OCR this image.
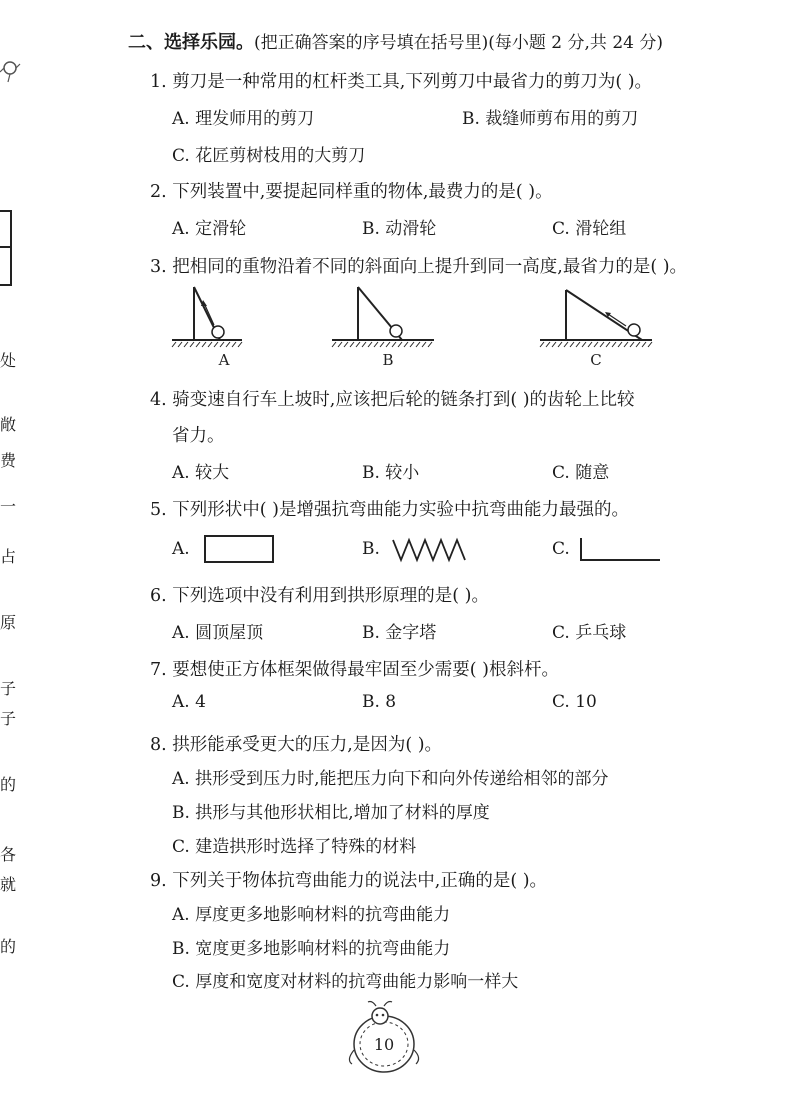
二、选择乐园。(把正确答案的序号填在括号里)(每小题 2 分,共 24 分)
1. 剪刀是一种常用的杠杆类工具,下列剪刀中最省力的剪刀为( )。
A. 理发师用的剪刀	B. 裁缝师剪布用的剪刀
C. 花匠剪树枝用的大剪刀
2. 下列装置中,要提起同样重的物体,最费力的是( )。
A. 定滑轮	B. 动滑轮	C. 滑轮组
3. 把相同的重物沿着不同的斜面向上提升到同一高度,最省力的是( )。
A	B	C
4. 骑变速自行车上坡时,应该把后轮的链条打到( )的齿轮上比较
省力。
A. 较大	B. 较小	C. 随意
5. 下列形状中( )是增强抗弯曲能力实验中抗弯曲能力最强的。
A.	B.	C.
6. 下列选项中没有利用到拱形原理的是( )。
A. 圆顶屋顶	B. 金字塔	C. 乒乓球
7. 要想使正方体框架做得最牢固至少需要( )根斜杆。
A. 4	B. 8	C. 10
8. 拱形能承受更大的压力,是因为( )。
A. 拱形受到压力时,能把压力向下和向外传递给相邻的部分
B. 拱形与其他形状相比,增加了材料的厚度
C. 建造拱形时选择了特殊的材料
9. 下列关于物体抗弯曲能力的说法中,正确的是( )。
A. 厚度更多地影响材料的抗弯曲能力
B. 宽度更多地影响材料的抗弯曲能力
C. 厚度和宽度对材料的抗弯曲能力影响一样大
10
处
敞
费
一
占
原
子
子
的
各
就
的
